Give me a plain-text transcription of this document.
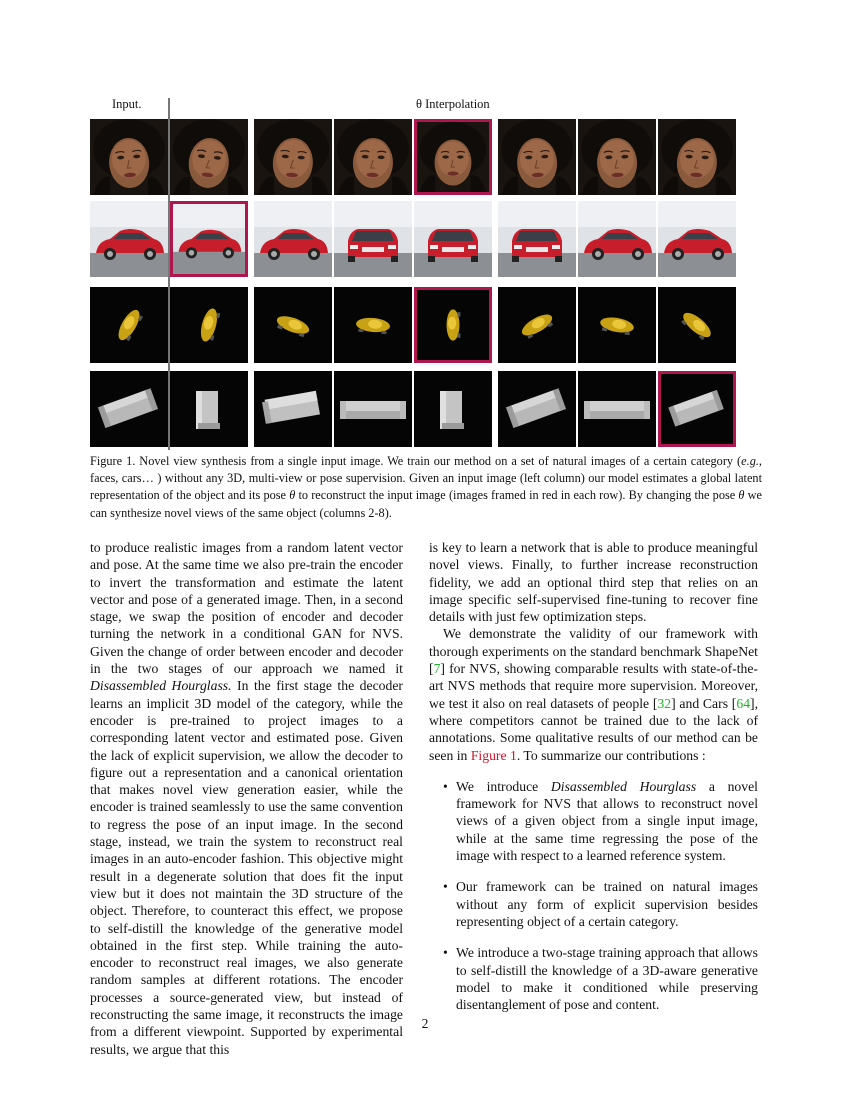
Input.	θ Interpolation
Figure 1. Novel view synthesis from a single input image. We train our method on a set of natural images of a certain category (e.g., faces, cars… ) without any 3D, multi-view or pose supervision. Given an input image (left column) our model estimates a global latent representation of the object and its pose θ to reconstruct the input image (images framed in red in each row). By changing the pose θ we can synthesize novel views of the same object (columns 2-8).

to produce realistic images from a random latent vector and pose. At the same time we also pre-train the encoder to invert the transformation and estimate the latent vector and pose of a generated image. Then, in a second stage, we swap the position of encoder and decoder turning the network in a conditional GAN for NVS. Given the change of order between encoder and decoder in the two stages of our approach we named it Disassembled Hourglass. In the first stage the decoder learns an implicit 3D model of the category, while the encoder is pre-trained to project images to a corresponding latent vector and estimated pose. Given the lack of explicit supervision, we allow the decoder to figure out a representation and a canonical orientation that makes novel view generation easier, while the encoder is trained seamlessly to use the same convention to regress the pose of an input image. In the second stage, instead, we train the system to reconstruct real images in an auto-encoder fashion. This objective might result in a degenerate solution that does fit the input view but it does not maintain the 3D structure of the object. Therefore, to counteract this effect, we propose to self-distill the knowledge of the generative model obtained in the first step. While training the auto-encoder to reconstruct real images, we also generate random samples at different rotations. The encoder processes a source-generated view, but instead of reconstructing the same image, it reconstructs the image from a different viewpoint. Supported by experimental results, we argue that this

is key to learn a network that is able to produce meaningful novel views. Finally, to further increase reconstruction fidelity, we add an optional third step that relies on an image specific self-supervised fine-tuning to recover fine details with just few optimization steps.

We demonstrate the validity of our framework with thorough experiments on the standard benchmark ShapeNet [7] for NVS, showing comparable results with state-of-the-art NVS methods that require more supervision. Moreover, we test it also on real datasets of people [32] and Cars [64], where competitors cannot be trained due to the lack of annotations. Some qualitative results of our method can be seen in Figure 1. To summarize our contributions :

• We introduce Disassembled Hourglass a novel framework for NVS that allows to reconstruct novel views of a given object from a single input image, while at the same time regressing the pose of the image with respect to a learned reference system.
• Our framework can be trained on natural images without any form of explicit supervision besides representing object of a certain category.
• We introduce a two-stage training approach that allows to self-distill the knowledge of a 3D-aware generative model to make it conditioned while preserving disentanglement of pose and content.
2
